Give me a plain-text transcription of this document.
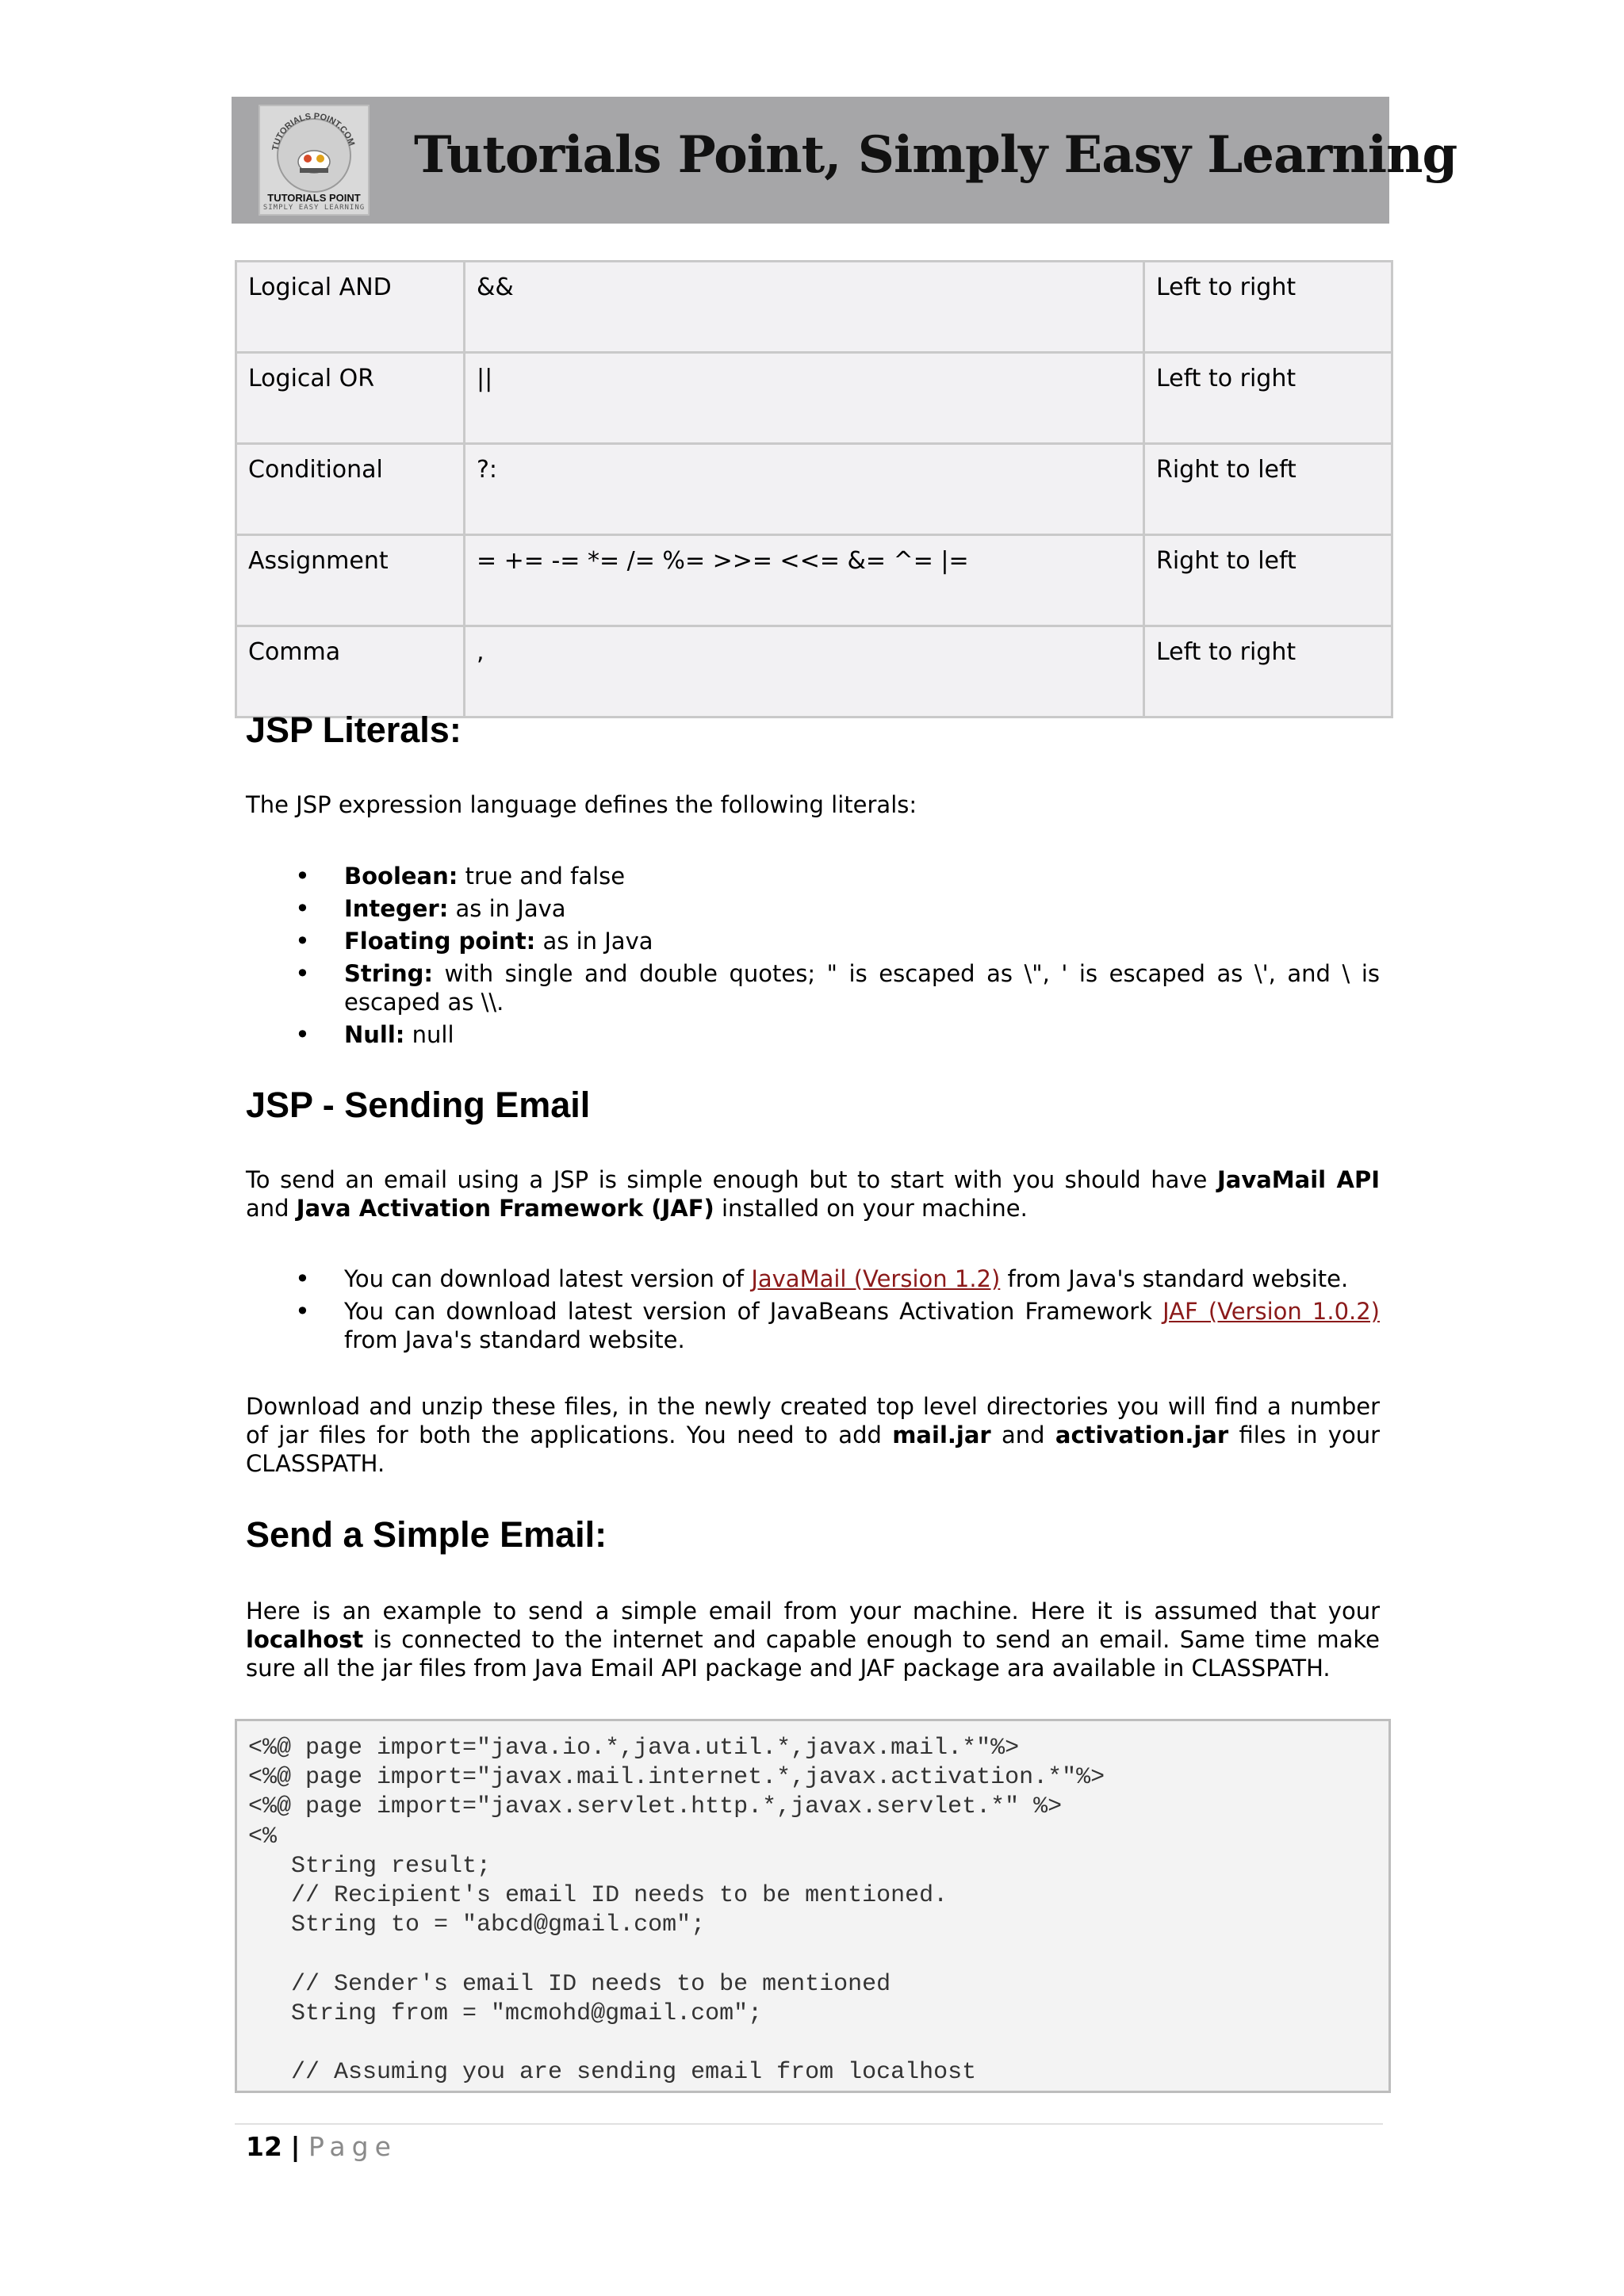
TUTORIALS POINT.COM
TUTORIALS POINT
SIMPLY EASY LEARNING
Tutorials Point, Simply Easy Learning
Logical AND	&&	Left to right
Logical OR	||	Left to right
Conditional	?:	Right to left
Assignment	= += -= *= /= %= >>= <<= &= ^= |=	Right to left
Comma	,	Left to right
JSP Literals:

The JSP expression language defines the following literals:

• Boolean: true and false
• Integer: as in Java
• Floating point: as in Java
• String: with single and double quotes; " is escaped as \", ' is escaped as \', and \ is escaped as \\.
• Null: null
JSP - Sending Email

To send an email using a JSP is simple enough but to start with you should have JavaMail API and Java Activation Framework (JAF) installed on your machine.

• You can download latest version of JavaMail (Version 1.2) from Java's standard website.
• You can download latest version of JavaBeans Activation Framework JAF (Version 1.0.2) from Java's standard website.

Download and unzip these files, in the newly created top level directories you will find a number of jar files for both the applications. You need to add mail.jar and activation.jar files in your CLASSPATH.

Send a Simple Email:

Here is an example to send a simple email from your machine. Here it is assumed that your localhost is connected to the internet and capable enough to send an email. Same time make sure all the jar files from Java Email API package and JAF package ara available in CLASSPATH.

<%@ page import="java.io.*,java.util.*,javax.mail.*"%>
<%@ page import="javax.mail.internet.*,javax.activation.*"%>
<%@ page import="javax.servlet.http.*,javax.servlet.*" %>
<%
String result;
// Recipient's email ID needs to be mentioned.
String to = "abcd@gmail.com";

// Sender's email ID needs to be mentioned
String from = "mcmohd@gmail.com";

// Assuming you are sending email from localhost
12 | Page
